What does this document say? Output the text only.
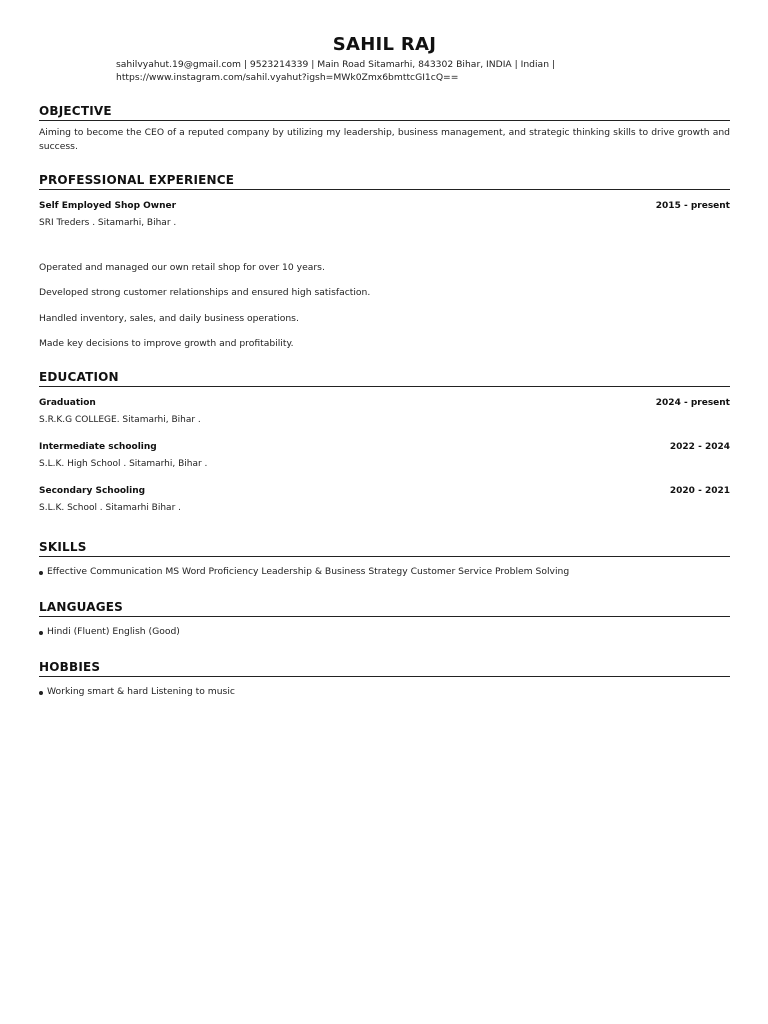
SAHIL RAJ
sahilvyahut.19@gmail.com | 9523214339 | Main Road Sitamarhi, 843302 Bihar, INDIA | Indian |
https://www.instagram.com/sahil.vyahut?igsh=MWk0Zmx6bmttcGI1cQ==
OBJECTIVE
Aiming to become the CEO of a reputed company by utilizing my leadership, business management, and strategic thinking skills to drive growth and success.
PROFESSIONAL EXPERIENCE
Self Employed Shop Owner	2015 - present
SRI Treders . Sitamarhi, Bihar .
Operated and managed our own retail shop for over 10 years.
Developed strong customer relationships and ensured high satisfaction.
Handled inventory, sales, and daily business operations.
Made key decisions to improve growth and profitability.
EDUCATION
Graduation	2024 - present
S.R.K.G COLLEGE. Sitamarhi, Bihar .
Intermediate schooling	2022 - 2024
S.L.K. High School . Sitamarhi, Bihar .
Secondary Schooling	2020 - 2021
S.L.K. School . Sitamarhi Bihar .
SKILLS
Effective Communication MS Word Proficiency Leadership & Business Strategy Customer Service Problem Solving
LANGUAGES
Hindi (Fluent) English (Good)
HOBBIES
Working smart & hard Listening to music
